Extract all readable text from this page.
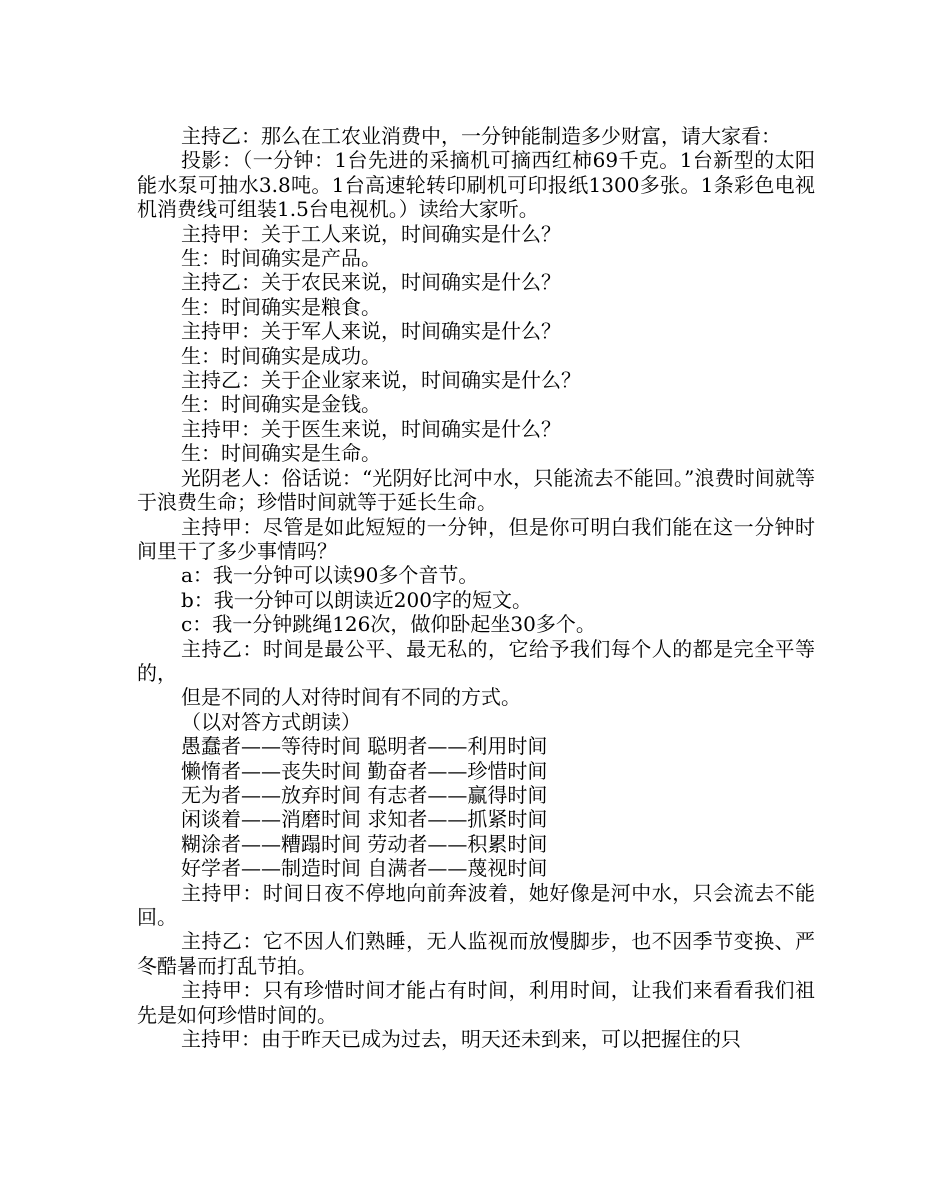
主持乙：那么在工农业消费中，一分钟能制造多少财富，请大家看：

投影：（一分钟：1台先进的采摘机可摘西红柿69千克。1台新型的太阳能水泵可抽水3.8吨。1台高速轮转印刷机可印报纸1300多张。1条彩色电视机消费线可组装1.5台电视机。）读给大家听。

主持甲：关于工人来说，时间确实是什么？

生：时间确实是产品。

主持乙：关于农民来说，时间确实是什么？

生：时间确实是粮食。

主持甲：关于军人来说，时间确实是什么？

生：时间确实是成功。

主持乙：关于企业家来说，时间确实是什么？

生：时间确实是金钱。

主持甲：关于医生来说，时间确实是什么？

生：时间确实是生命。

光阴老人：俗话说：“光阴好比河中水，只能流去不能回。”浪费时间就等于浪费生命；珍惜时间就等于延长生命。

主持甲：尽管是如此短短的一分钟，但是你可明白我们能在这一分钟时间里干了多少事情吗？

a：我一分钟可以读90多个音节。

b：我一分钟可以朗读近200字的短文。

c：我一分钟跳绳126次，做仰卧起坐30多个。

主持乙：时间是最公平、最无私的，它给予我们每个人的都是完全平等的，

但是不同的人对待时间有不同的方式。

（以对答方式朗读）

愚蠢者——等待时间 聪明者——利用时间

懒惰者——丧失时间 勤奋者——珍惜时间

无为者——放弃时间 有志者——赢得时间

闲谈着——消磨时间 求知者——抓紧时间

糊涂者——糟蹋时间 劳动者——积累时间

好学者——制造时间 自满者——蔑视时间

主持甲：时间日夜不停地向前奔波着，她好像是河中水，只会流去不能回。

主持乙：它不因人们熟睡，无人监视而放慢脚步，也不因季节变换、严冬酷暑而打乱节拍。

主持甲：只有珍惜时间才能占有时间，利用时间，让我们来看看我们祖先是如何珍惜时间的。

主持甲：由于昨天已成为过去，明天还未到来，可以把握住的只
